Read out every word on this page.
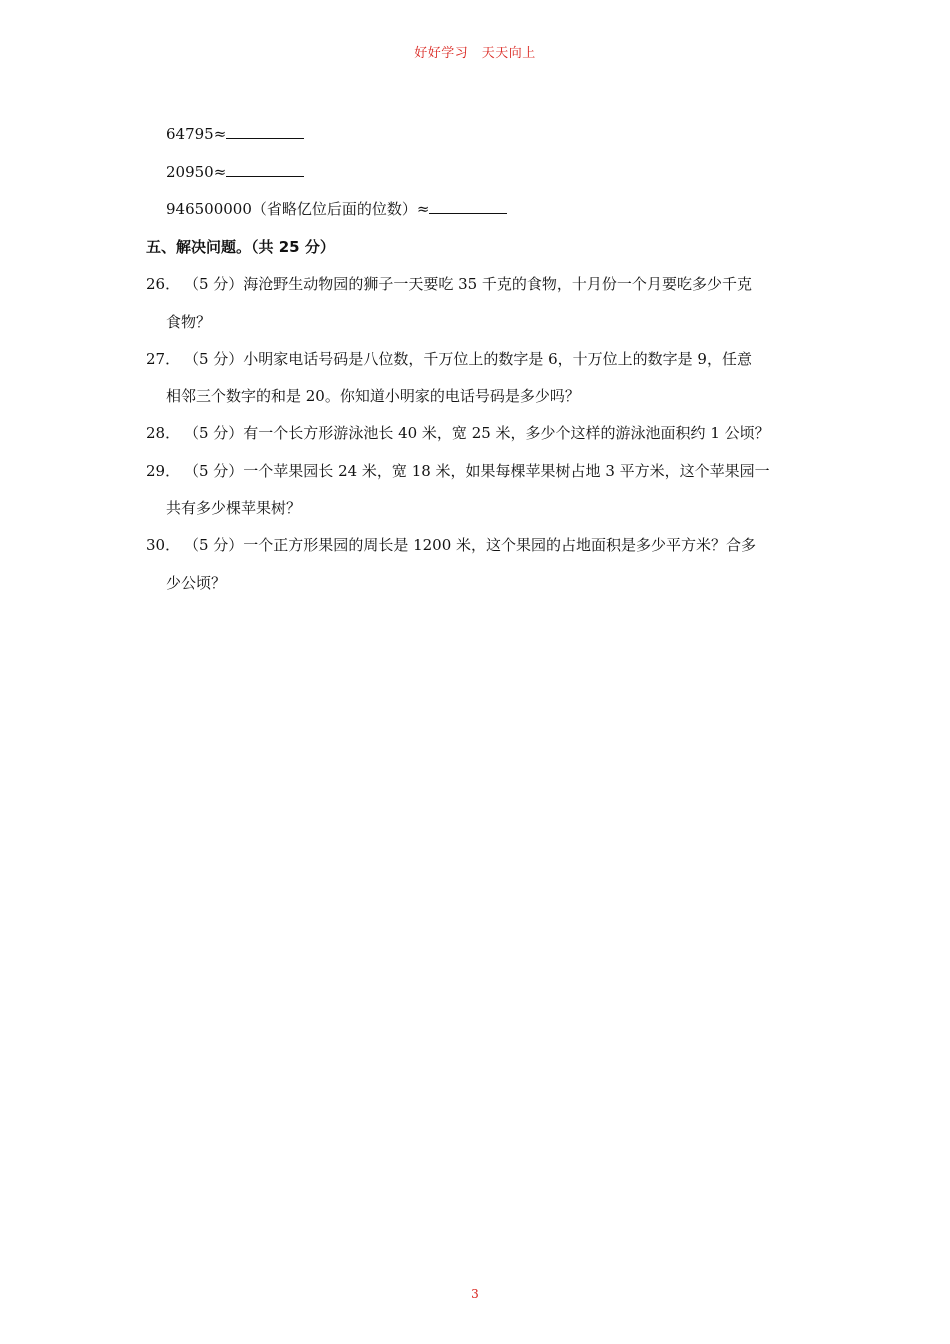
好好学习　天天向上
64795≈
20950≈
946500000（省略亿位后面的位数）≈
五、解决问题。（共 25 分）
26． （5 分）海沧野生动物园的狮子一天要吃 35 千克的食物，十月份一个月要吃多少千克
食物？
27． （5 分）小明家电话号码是八位数，千万位上的数字是 6，十万位上的数字是 9，任意
相邻三个数字的和是 20。你知道小明家的电话号码是多少吗？
28． （5 分）有一个长方形游泳池长 40 米，宽 25 米，多少个这样的游泳池面积约 1 公顷？
29． （5 分）一个苹果园长 24 米，宽 18 米，如果每棵苹果树占地 3 平方米，这个苹果园一
共有多少棵苹果树？
30． （5 分）一个正方形果园的周长是 1200 米，这个果园的占地面积是多少平方米？合多
少公顷？
3
